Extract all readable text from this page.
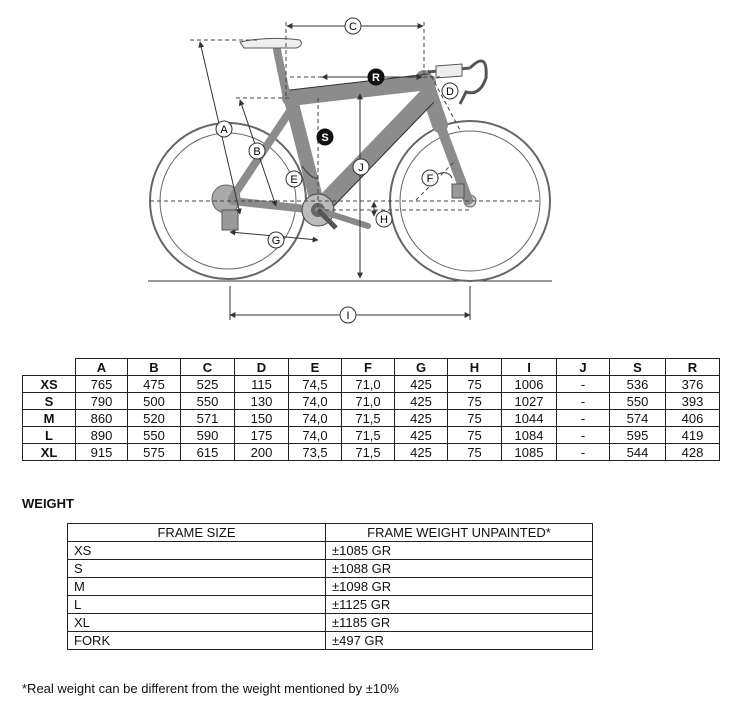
C
R
S
D
A
B
J
E	F
H
G
I
	A	B	C	D	E	F	G	H	I	J	S	R
XS	765	475	525	115	74,5	71,0	425	75	1006	-	536	376
S	790	500	550	130	74,0	71,0	425	75	1027	-	550	393
M	860	520	571	150	74,0	71,5	425	75	1044	-	574	406
L	890	550	590	175	74,0	71,5	425	75	1084	-	595	419
XL	915	575	615	200	73,5	71,5	425	75	1085	-	544	428
WEIGHT
FRAME SIZE	FRAME WEIGHT UNPAINTED*
XS	±1085 GR
S	±1088 GR
M	±1098 GR
L	±1125 GR
XL	±1185 GR
FORK	±497 GR

*Real weight can be different from the weight mentioned by ±10%
